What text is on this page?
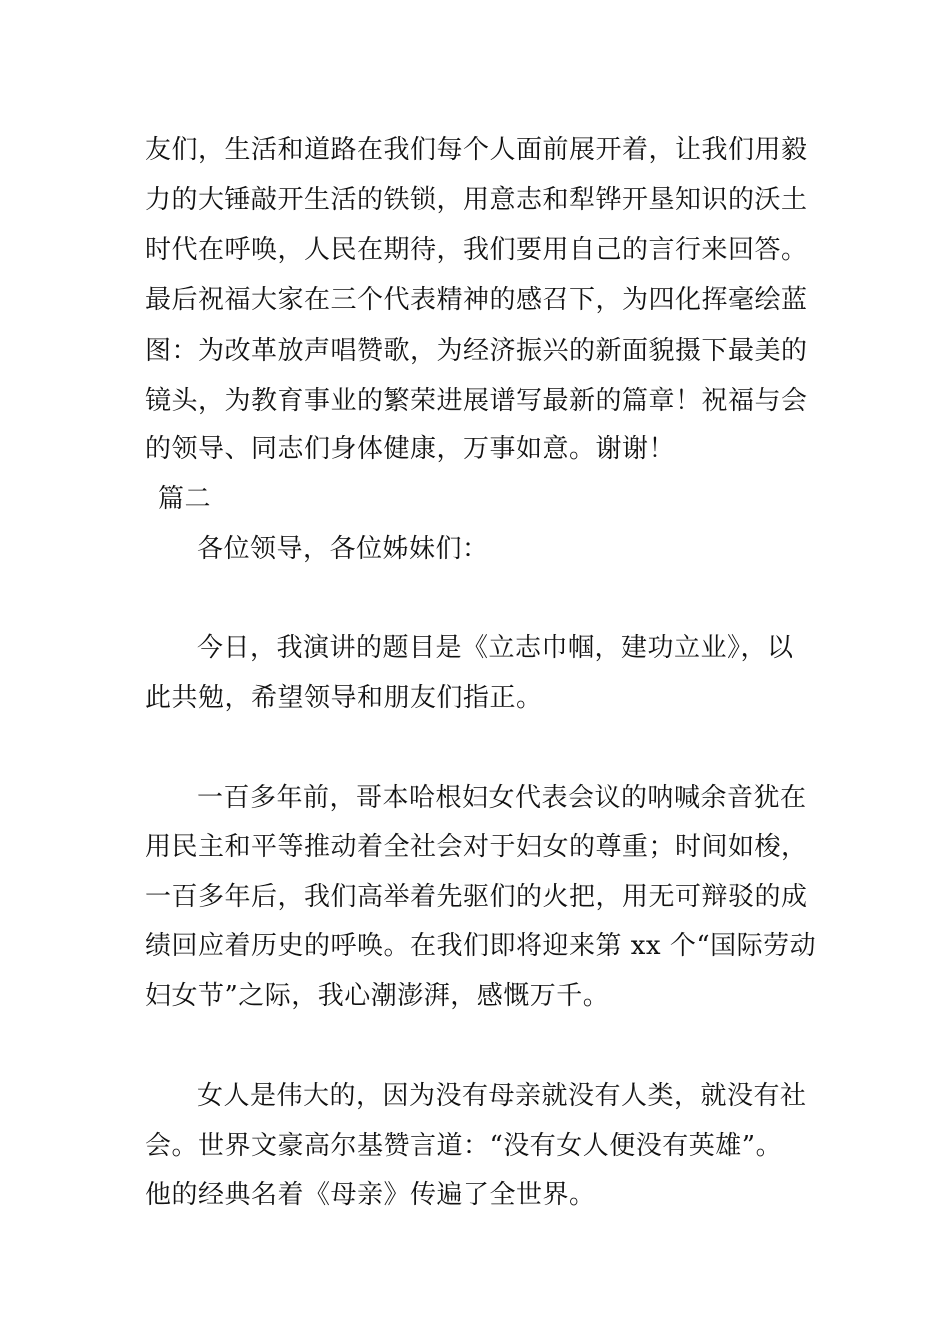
友们，生活和道路在我们每个人面前展开着，让我们用毅
力的大锤敲开生活的铁锁，用意志和犁铧开垦知识的沃土
时代在呼唤，人民在期待，我们要用自己的言行来回答。
最后祝福大家在三个代表精神的感召下，为四化挥毫绘蓝
图：为改革放声唱赞歌，为经济振兴的新面貌摄下最美的
镜头，为教育事业的繁荣进展谱写最新的篇章！祝福与会
的领导、同志们身体健康，万事如意。谢谢！
篇二
各位领导，各位姊妹们：
今日，我演讲的题目是《立志巾帼，建功立业》，以
此共勉，希望领导和朋友们指正。
一百多年前，哥本哈根妇女代表会议的呐喊余音犹在
用民主和平等推动着全社会对于妇女的尊重；时间如梭，
一百多年后，我们高举着先驱们的火把，用无可辩驳的成
绩回应着历史的呼唤。在我们即将迎来第 xx 个“国际劳动
妇女节”之际，我心潮澎湃，感慨万千。
女人是伟大的，因为没有母亲就没有人类，就没有社
会。世界文豪高尔基赞言道：“没有女人便没有英雄”。
他的经典名着《母亲》传遍了全世界。
